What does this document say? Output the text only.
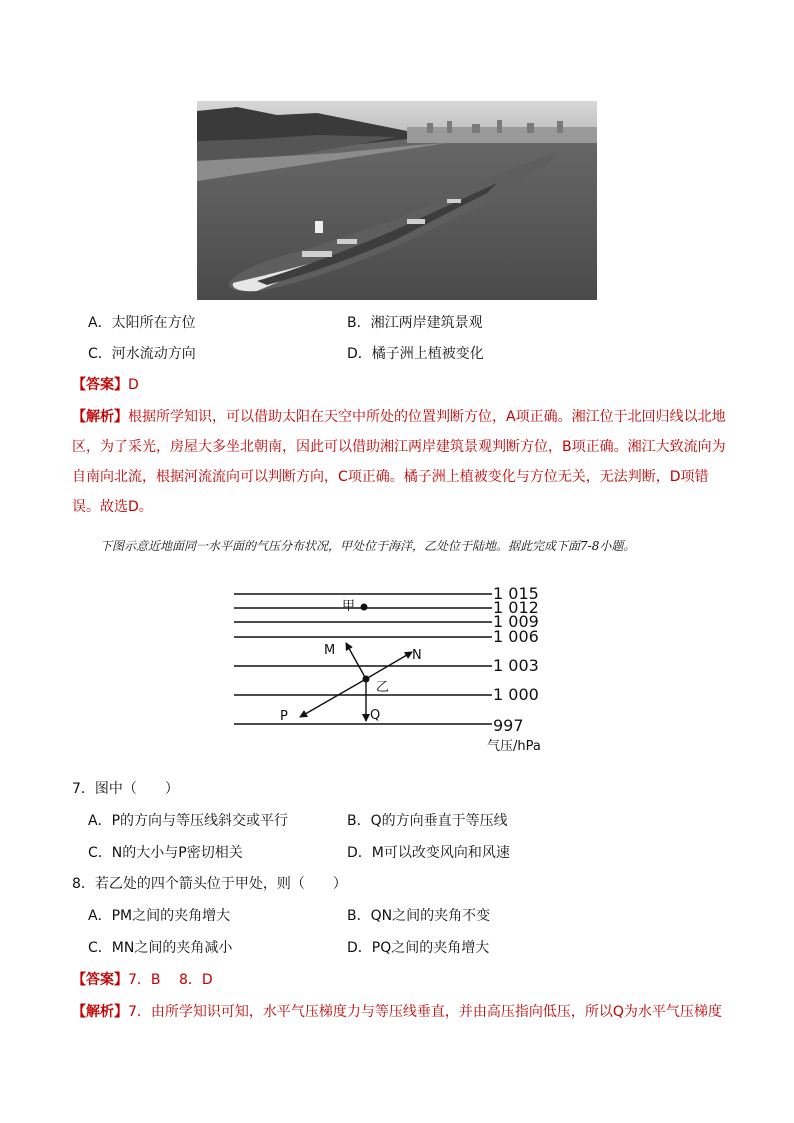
A．太阳所在方位	B．湘江两岸建筑景观
C．河水流动方向	D．橘子洲上植被变化
【答案】D
【解析】根据所学知识，可以借助太阳在天空中所处的位置判断方位，A项正确。湘江位于北回归线以北地区，为了采光，房屋大多坐北朝南，因此可以借助湘江两岸建筑景观判断方位，B项正确。湘江大致流向为自南向北流，根据河流流向可以判断方向，C项正确。橘子洲上植被变化与方位无关，无法判断，D项错误。故选D。
下图示意近地面同一水平面的气压分布状况，甲处位于海洋，乙处位于陆地。据此完成下面7-8小题。
1 015
1 012
1 009
1 006
1 003
1 000
997
气压/hPa
甲
乙
M	N
P	Q
7．图中（　　）
A．P的方向与等压线斜交或平行	B．Q的方向垂直于等压线
C．N的大小与P密切相关	D．M可以改变风向和风速
8．若乙处的四个箭头位于甲处，则（　　）
A．PM之间的夹角增大	B．QN之间的夹角不变
C．MN之间的夹角减小	D．PQ之间的夹角增大
【答案】7．B　 8．D
【解析】7．由所学知识可知，水平气压梯度力与等压线垂直，并由高压指向低压，所以Q为水平气压梯度
